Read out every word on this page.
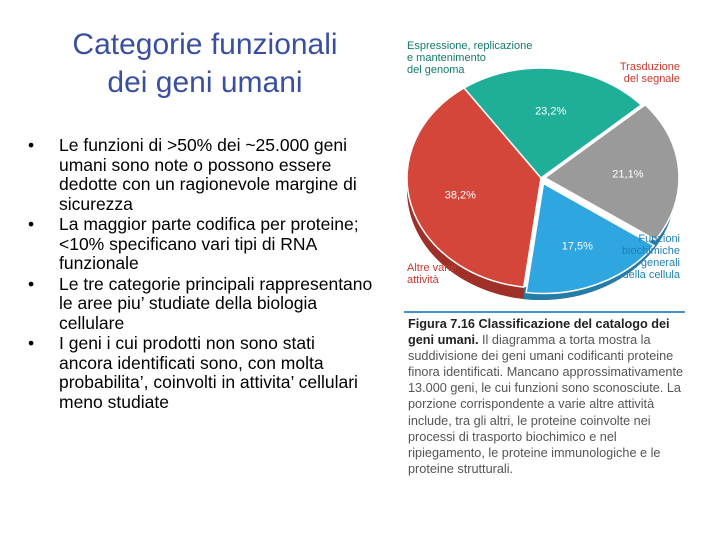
Categorie funzionali
dei geni umani
• Le funzioni di >50% dei ~25.000 geni umani sono note o possono essere dedotte con un ragionevole margine di sicurezza
• La maggior parte codifica per proteine; <10% specificano vari tipi di RNA funzionale
• Le tre categorie principali rappresentano le aree piu’ studiate della biologia cellulare
• I geni i cui prodotti non sono stati ancora identificati sono, con molta probabilita’, coinvolti in attivita’ cellulari meno studiate
23,2%
21,1%
17,5%
38,2%
Espressione, replicazione
e mantenimento
del genoma	Trasduzione
del segnale
Funzioni
biochimiche
generali
della cellula
Altre varie
attività
Figura 7.16 Classificazione del catalogo dei geni umani. Il diagramma a torta mostra la suddivisione dei geni umani codificanti proteine finora identificati. Mancano approssimativamente 13.000 geni, le cui funzioni sono sconosciute. La porzione corrispondente a varie altre attività include, tra gli altri, le proteine coinvolte nei processi di trasporto biochimico e nel ripiegamento, le proteine immunologiche e le proteine strutturali.
